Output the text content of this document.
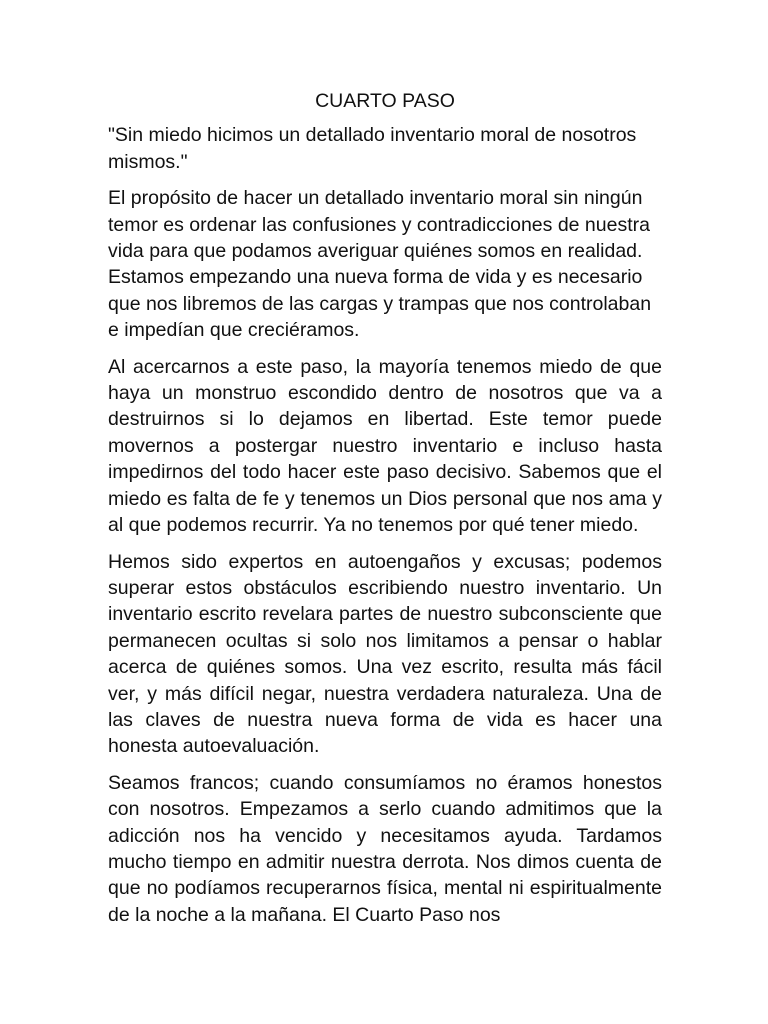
CUARTO PASO

"Sin miedo hicimos un detallado inventario moral de nosotros mismos."

El propósito de hacer un detallado inventario moral sin ningún temor es ordenar las confusiones y contradicciones de nuestra vida para que podamos averiguar quiénes somos en realidad. Estamos empezando una nueva forma de vida y es necesario que nos libremos de las cargas y trampas que nos controlaban e impedían que creciéramos.

Al acercarnos a este paso, la mayoría tenemos miedo de que haya un monstruo escondido dentro de nosotros que va a destruirnos si lo dejamos en libertad. Este temor puede movernos a postergar nuestro inventario e incluso hasta impedirnos del todo hacer este paso decisivo. Sabemos que el miedo es falta de fe y tenemos un Dios personal que nos ama y al que podemos recurrir. Ya no tenemos por qué tener miedo.

Hemos sido expertos en autoengaños y excusas; podemos superar estos obstáculos escribiendo nuestro inventario. Un inventario escrito revelara partes de nuestro subconsciente que permanecen ocultas si solo nos limitamos a pensar o hablar acerca de quiénes somos. Una vez escrito, resulta más fácil ver, y más difícil negar, nuestra verdadera naturaleza. Una de las claves de nuestra nueva forma de vida es hacer una honesta autoevaluación.

Seamos francos; cuando consumíamos no éramos honestos con nosotros. Empezamos a serlo cuando admitimos que la adicción nos ha vencido y necesitamos ayuda. Tardamos mucho tiempo en admitir nuestra derrota. Nos dimos cuenta de que no podíamos recuperarnos física, mental ni espiritualmente de la noche a la mañana. El Cuarto Paso nos
